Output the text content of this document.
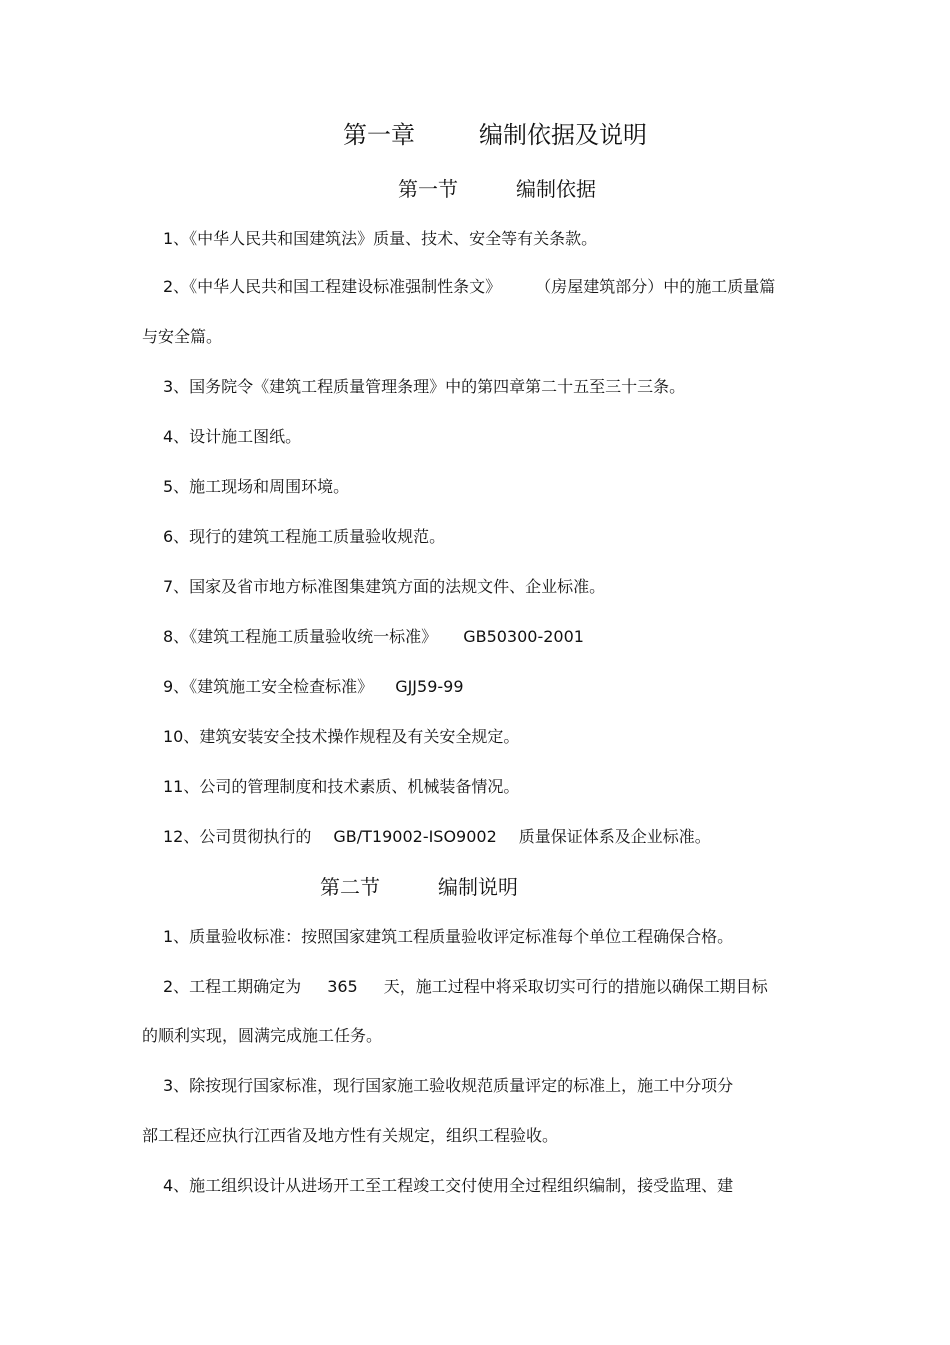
第一章	编制依据及说明
第一节	编制依据
1、《中华人民共和国建筑法》质量、技术、安全等有关条款。
2、《中华人民共和国工程建设标准强制性条文》 （房屋建筑部分）中的施工质量篇
与安全篇。
3、国务院令《建筑工程质量管理条理》中的第四章第二十五至三十三条。
4、设计施工图纸。
5、施工现场和周围环境。
6、现行的建筑工程施工质量验收规范。
7、国家及省市地方标准图集建筑方面的法规文件、企业标准。
8、《建筑工程施工质量验收统一标准》 GB50300-2001
9、《建筑施工安全检查标准》 GJJ59-99
10、建筑安装安全技术操作规程及有关安全规定。
11、公司的管理制度和技术素质、机械装备情况。
12、公司贯彻执行的 GB/T19002-ISO9002 质量保证体系及企业标准。
第二节	编制说明
1、质量验收标准：按照国家建筑工程质量验收评定标准每个单位工程确保合格。
2、工程工期确定为 365 天，施工过程中将采取切实可行的措施以确保工期目标
的顺利实现，圆满完成施工任务。
3、除按现行国家标准，现行国家施工验收规范质量评定的标准上，施工中分项分
部工程还应执行江西省及地方性有关规定，组织工程验收。
4、施工组织设计从进场开工至工程竣工交付使用全过程组织编制，接受监理、建
